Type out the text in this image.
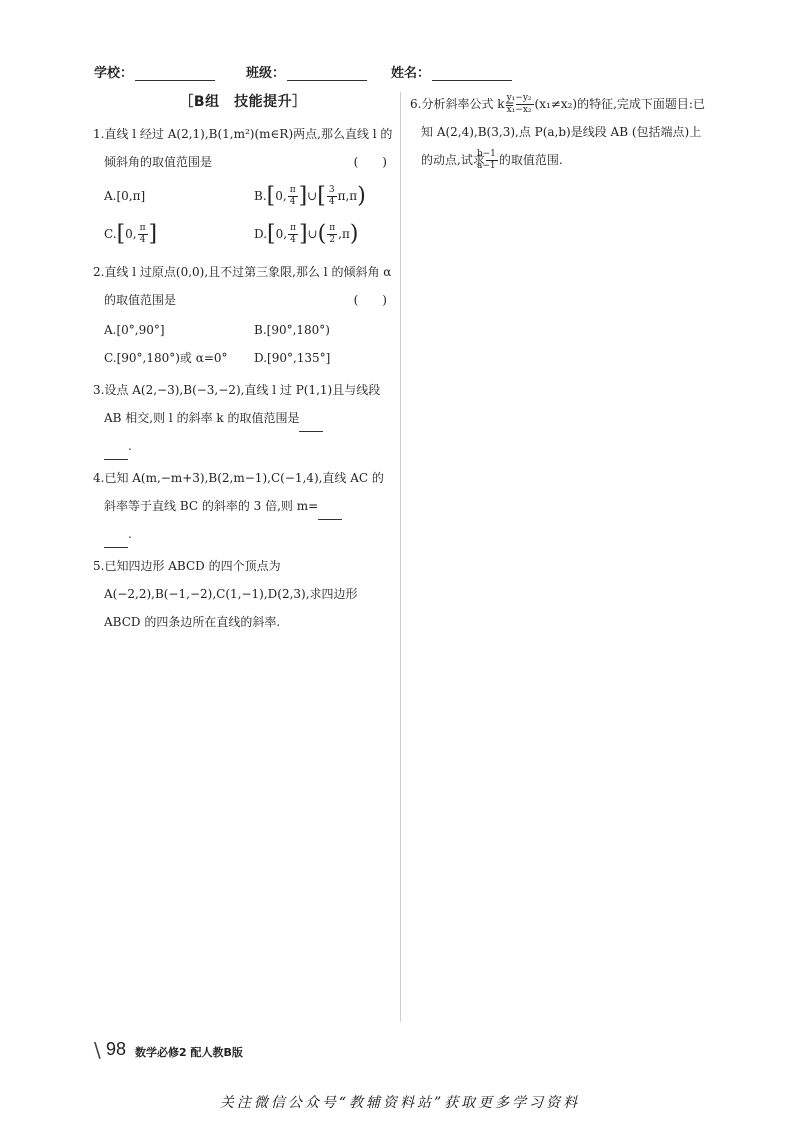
学校：	班级：	姓名：
［B组　技能提升］
1.直线 l 经过 A(2,1),B(1,m²)(m∈R)两点,那么直线 l 的倾斜角的取值范围是	(　　)
A.[0,π]	B.[0, $\frac{\pi}{4}$ ]∪[ $\frac{3}{4} \pi,\pi$)
C.[0, $\frac{\pi}{4}$ ]	D.[0, $\frac{\pi}{4}$ ]∪( $\frac{\pi}{2} ,\pi$)
2.直线 l 过原点(0,0),且不过第三象限,那么 l 的倾斜角 α 的取值范围是	(　　)
A.[0°,90°]	B.[90°,180°)
C.[90°,180°)或 α=0°	D.[90°,135°]
3.设点 A(2,−3),B(−3,−2),直线 l 过 P(1,1)且与线段 AB 相交,则 l 的斜率 k 的取值范围是
.
4.已知 A(m,−m+3),B(2,m−1),C(−1,4),直线 AC 的斜率等于直线 BC 的斜率的 3 倍,则 m=
.
5.已知四边形 ABCD 的四个顶点为 A(−2,2),B(−1,−2),C(1,−1),D(2,3),求四边形 ABCD 的四条边所在直线的斜率.
6.分析斜率公式 $k= \frac{\text{y₁−y₂}}{\text{x₁−x₂}} (x_1\ne x_2)$的特征,完成下面题目:已知 A(2,4),B(3,3),点 P(a,b)是线段 AB (包括端点)上的动点,试求 $\frac{b-1}{a-1}$ 的取值范围.
\ 98 数学必修2 配人教B版
关注微信公众号“教辅资料站”获取更多学习资料
